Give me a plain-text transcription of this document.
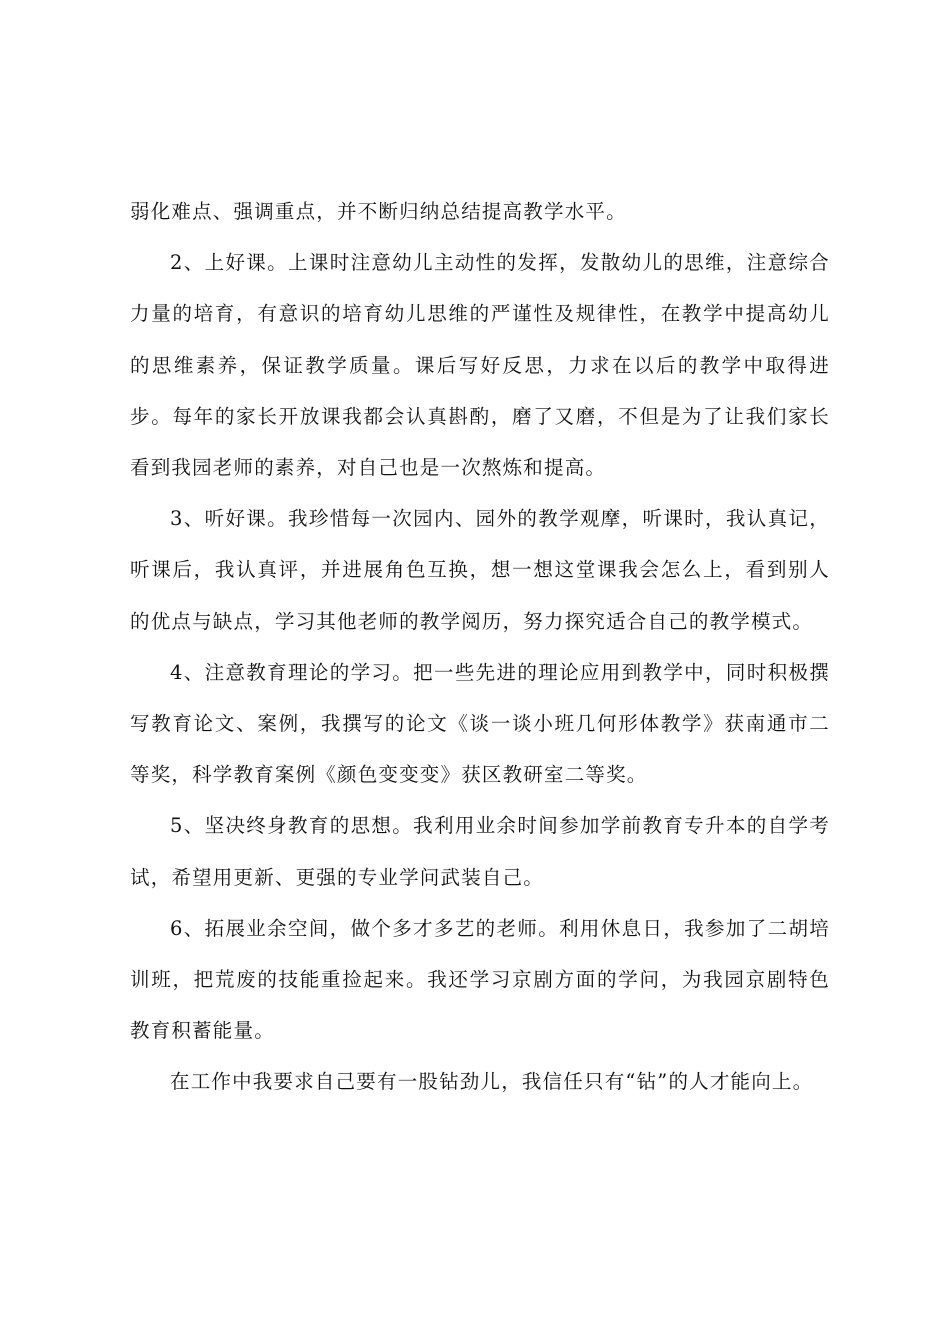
弱化难点、强调重点，并不断归纳总结提高教学水平。

2、上好课。上课时注意幼儿主动性的发挥，发散幼儿的思维，注意综合力量的培育，有意识的培育幼儿思维的严谨性及规律性，在教学中提高幼儿的思维素养，保证教学质量。课后写好反思，力求在以后的教学中取得进步。每年的家长开放课我都会认真斟酌，磨了又磨，不但是为了让我们家长看到我园老师的素养，对自己也是一次熬炼和提高。

3、听好课。我珍惜每一次园内、园外的教学观摩，听课时，我认真记，听课后，我认真评，并进展角色互换，想一想这堂课我会怎么上，看到别人的优点与缺点，学习其他老师的教学阅历，努力探究适合自己的教学模式。

4、注意教育理论的学习。把一些先进的理论应用到教学中，同时积极撰写教育论文、案例，我撰写的论文《谈一谈小班几何形体教学》获南通市二等奖，科学教育案例《颜色变变变》获区教研室二等奖。

5、坚决终身教育的思想。我利用业余时间参加学前教育专升本的自学考试，希望用更新、更强的专业学问武装自己。

6、拓展业余空间，做个多才多艺的老师。利用休息日，我参加了二胡培训班，把荒废的技能重捡起来。我还学习京剧方面的学问，为我园京剧特色教育积蓄能量。

在工作中我要求自己要有一股钻劲儿，我信任只有“钻”的人才能向上。
